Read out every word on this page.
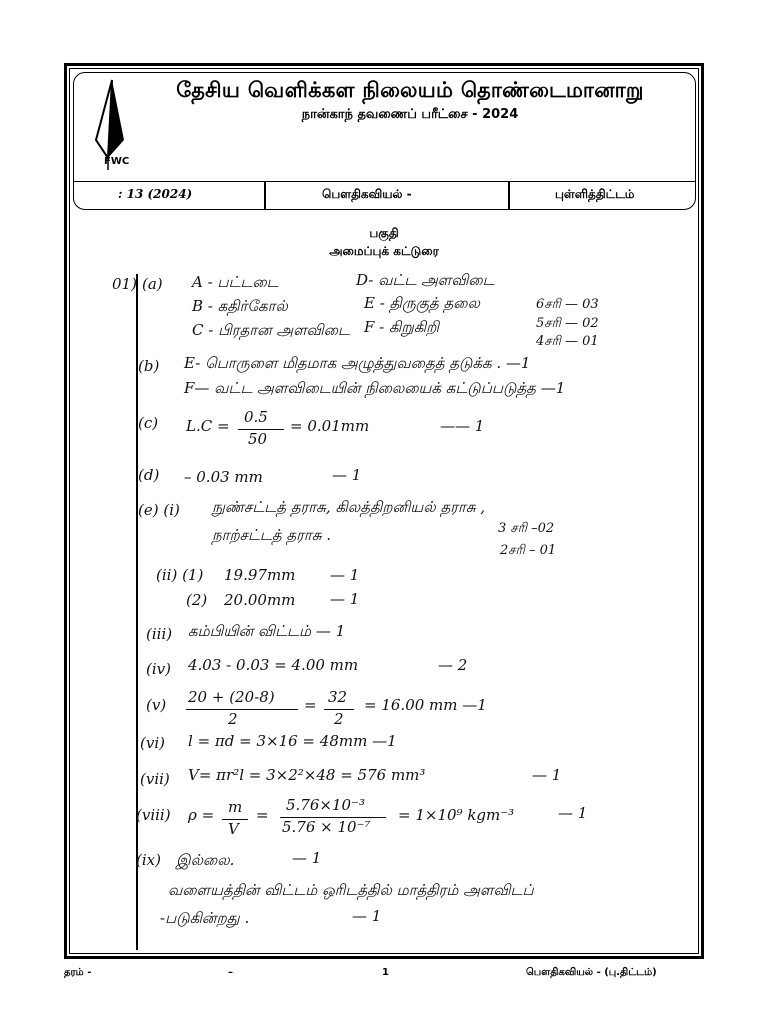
FWC
தேசிய வெளிக்கள நிலையம் தொண்டைமானாறு
நான்காந் தவணைப் பரீட்சை - 2024
: 13 (2024)	பௌதிகவியல் -	புள்ளித்திட்டம்
பகுதி
அமைப்புக் கட்டுரை
01) (a) A - பட்டடை	D- வட்ட அளவிடை
B - கதிர்கோல்	E - திருகுத் தலை
C - பிரதான அளவிடை F - கிறுகிறி
6சரி — 03
5சரி — 02
4சரி — 01
(b) E- பொருளை மிதமாக அழுத்துவதைத் தடுக்க . —1
F— வட்ட அளவிடையின் நிலையைக் கட்டுப்படுத்த —1
(c) L.C = 0.5
50
= 0.01mm	—— 1
(d) – 0.03 mm	— 1
(e) (i) நுண்சட்டத் தராசு, கிலத்திறனியல் தராசு ,
நாற்சட்டத் தராசு .	3 சரி –02
2சரி – 01
(ii) (1) 19.97mm — 1
(2) 20.00mm — 1
(iii) கம்பியின் விட்டம் — 1
(iv) 4.03 - 0.03 = 4.00 mm	— 2
(v) 20 + (20-8)
2
= 32
2
= 16.00 mm —1
(vi) l = πd = 3×16 = 48mm —1
(vii) V= πr²l = 3×2²×48 = 576 mm³	— 1
(viii) ρ = m
V
=
5.76×10⁻³
5.76 × 10⁻⁷
= 1×10⁹ kgm⁻³	— 1
(ix) இல்லை.	— 1
வளையத்தின் விட்டம் ஒரிடத்தில் மாத்திரம் அளவிடப்
-படுகின்றது .	— 1
தரம் -	–	1	பௌதிகவியல் - (பு.திட்டம்)
